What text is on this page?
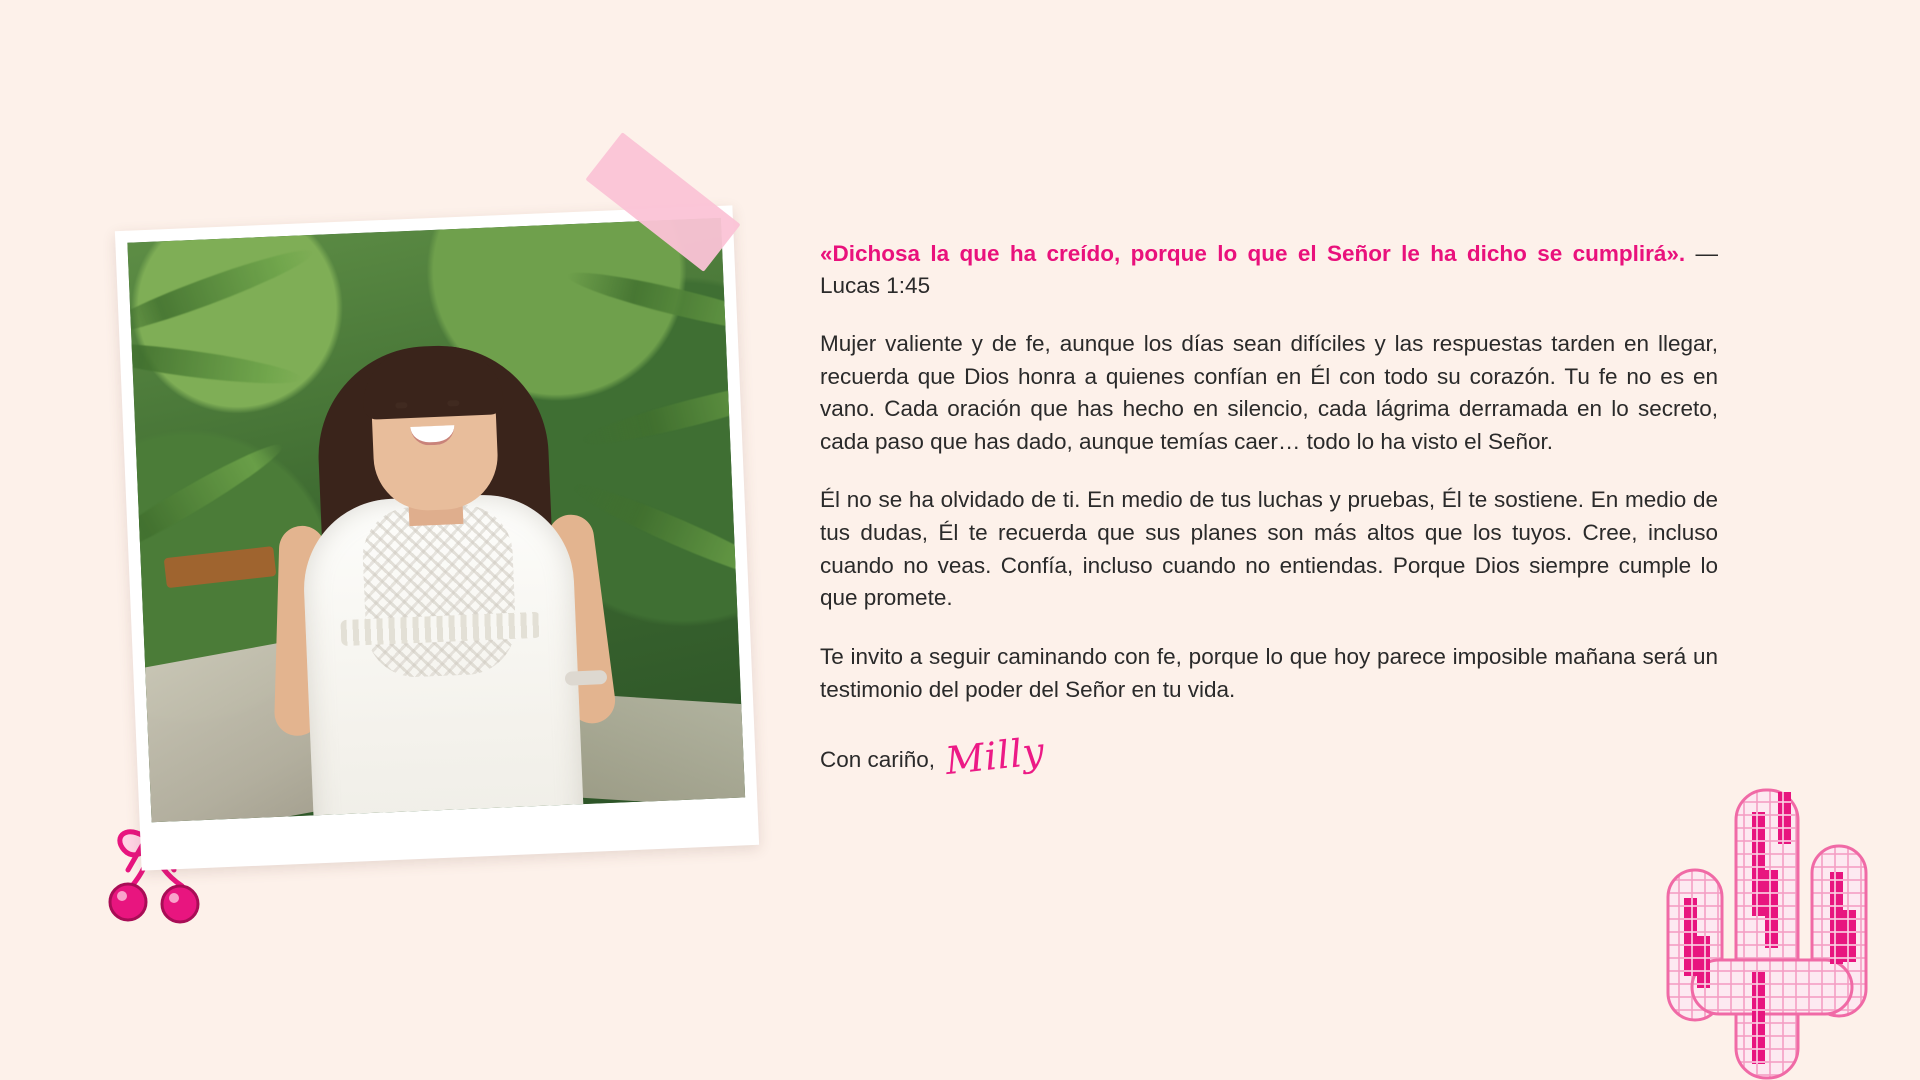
«Dichosa la que ha creído, porque lo que el Señor le ha dicho se cumplirá». — Lucas 1:45

Mujer valiente y de fe, aunque los días sean difíciles y las respuestas tarden en llegar, recuerda que Dios honra a quienes confían en Él con todo su corazón. Tu fe no es en vano. Cada oración que has hecho en silencio, cada lágrima derramada en lo secreto, cada paso que has dado, aunque temías caer… todo lo ha visto el Señor.

Él no se ha olvidado de ti. En medio de tus luchas y pruebas, Él te sostiene. En medio de tus dudas, Él te recuerda que sus planes son más altos que los tuyos. Cree, incluso cuando no veas. Confía, incluso cuando no entiendas. Porque Dios siempre cumple lo que promete.

Te invito a seguir caminando con fe, porque lo que hoy parece imposible mañana será un testimonio del poder del Señor en tu vida.

Con cariño, Milly
